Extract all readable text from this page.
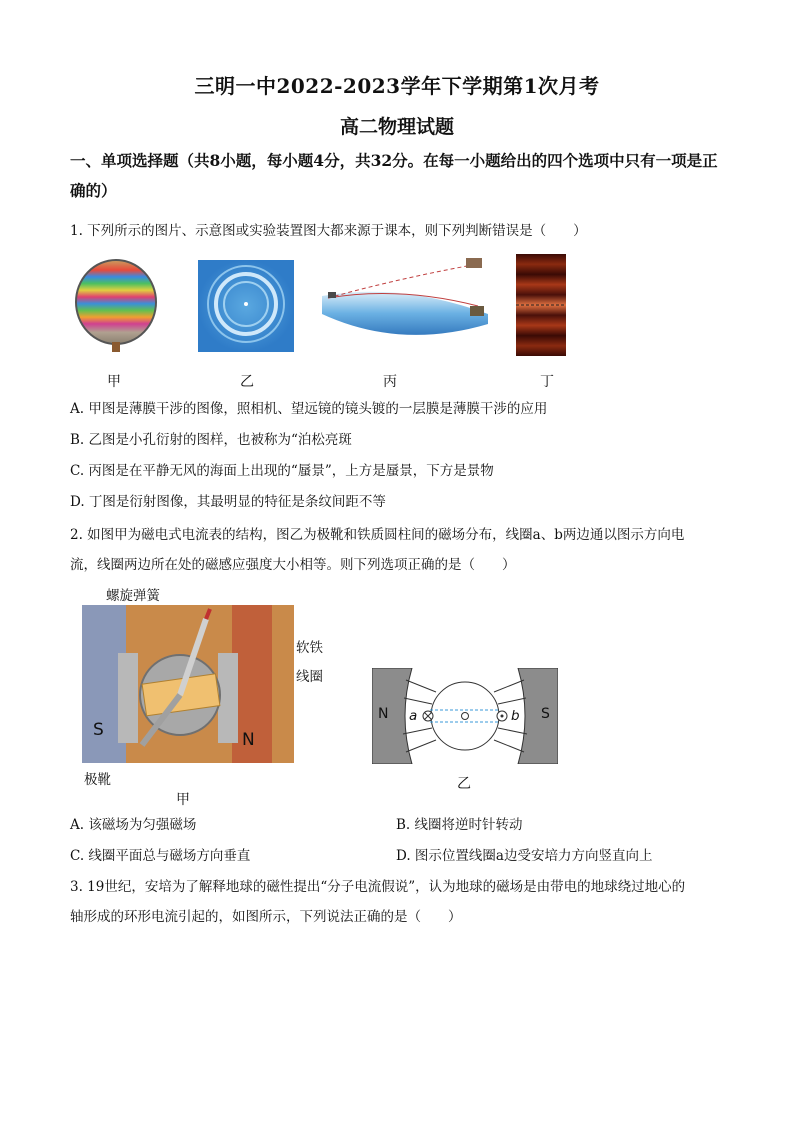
三明一中2022-2023学年下学期第1次月考
高二物理试题
一、单项选择题（共8小题，每小题4分，共32分。在每一小题给出的四个选项中只有一项是正确的）
1. 下列所示的图片、示意图或实验装置图大都来源于课本，则下列判断错误是（　　）
甲	乙	丙	丁
A. 甲图是薄膜干涉的图像，照相机、望远镜的镜头镀的一层膜是薄膜干涉的应用
B. 乙图是小孔衍射的图样，也被称为“泊松亮斑
C. 丙图是在平静无风的海面上出现的“蜃景”，上方是蜃景，下方是景物
D. 丁图是衍射图像，其最明显的特征是条纹间距不等
2. 如图甲为磁电式电流表的结构，图乙为极靴和铁质圆柱间的磁场分布，线圈a、b两边通以图示方向电
流，线圈两边所在处的磁感应强度大小相等。则下列选项正确的是（　　）
螺旋弹簧
软铁
线圈
极靴
S	N
甲
N	S
a	b
乙
A. 该磁场为匀强磁场	B. 线圈将逆时针转动
C. 线圈平面总与磁场方向垂直	D. 图示位置线圈a边受安培力方向竖直向上
3. 19世纪，安培为了解释地球的磁性提出“分子电流假说”，认为地球的磁场是由带电的地球绕过地心的
轴形成的环形电流引起的，如图所示，下列说法正确的是（　　）
